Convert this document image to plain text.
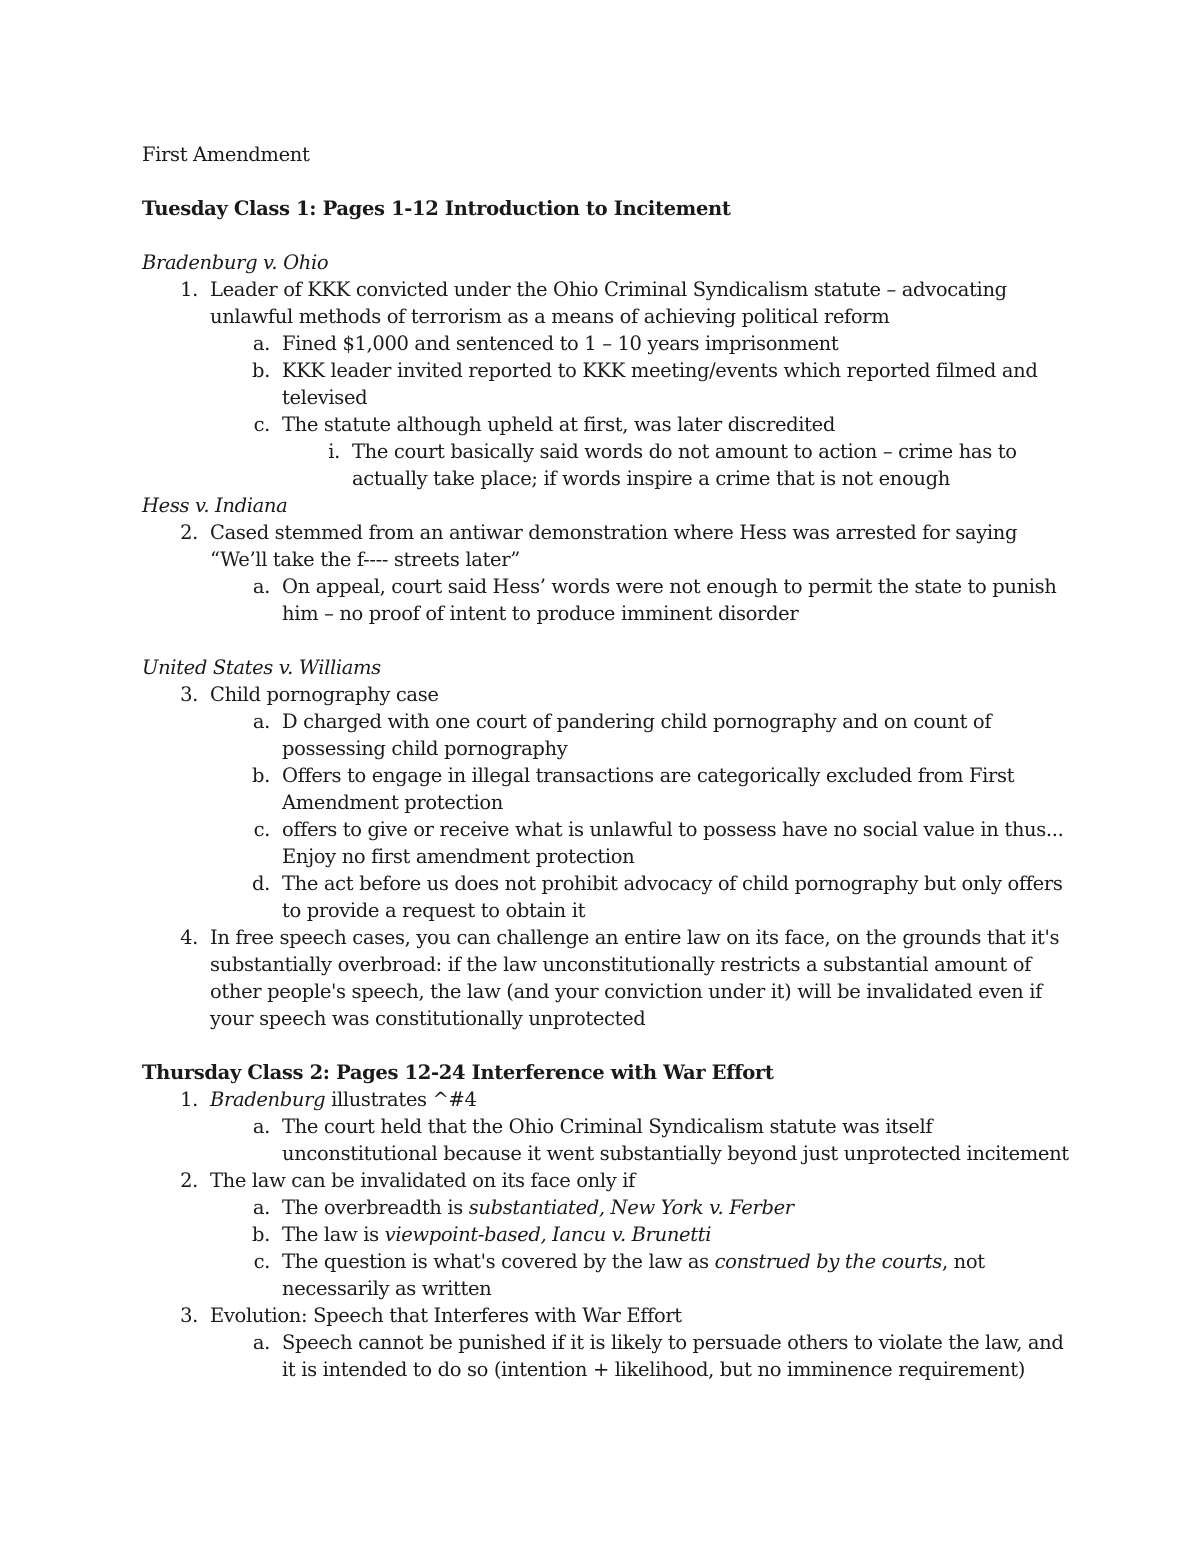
First Amendment
Tuesday Class 1: Pages 1-12 Introduction to Incitement
Bradenburg v. Ohio
1. Leader of KKK convicted under the Ohio Criminal Syndicalism statute – advocating unlawful methods of terrorism as a means of achieving political reform
a. Fined $1,000 and sentenced to 1 – 10 years imprisonment
b. KKK leader invited reported to KKK meeting/events which reported filmed and televised
c. The statute although upheld at first, was later discredited
i. The court basically said words do not amount to action – crime has to actually take place; if words inspire a crime that is not enough
Hess v. Indiana
2. Cased stemmed from an antiwar demonstration where Hess was arrested for saying “We’ll take the f---- streets later”
a. On appeal, court said Hess’ words were not enough to permit the state to punish him – no proof of intent to produce imminent disorder
United States v. Williams
3. Child pornography case
a. D charged with one court of pandering child pornography and on count of possessing child pornography
b. Offers to engage in illegal transactions are categorically excluded from First Amendment protection
c. offers to give or receive what is unlawful to possess have no social value in thus... Enjoy no first amendment protection
d. The act before us does not prohibit advocacy of child pornography but only offers to provide a request to obtain it
4. In free speech cases, you can challenge an entire law on its face, on the grounds that it's substantially overbroad: if the law unconstitutionally restricts a substantial amount of other people's speech, the law (and your conviction under it) will be invalidated even if your speech was constitutionally unprotected
Thursday Class 2: Pages 12-24 Interference with War Effort
1. Bradenburg illustrates ^#4
a. The court held that the Ohio Criminal Syndicalism statute was itself unconstitutional because it went substantially beyond just unprotected incitement
2. The law can be invalidated on its face only if
a. The overbreadth is substantiated, New York v. Ferber
b. The law is viewpoint-based, Iancu v. Brunetti
c. The question is what's covered by the law as construed by the courts, not necessarily as written
3. Evolution: Speech that Interferes with War Effort
a. Speech cannot be punished if it is likely to persuade others to violate the law, and it is intended to do so (intention + likelihood, but no imminence requirement)
